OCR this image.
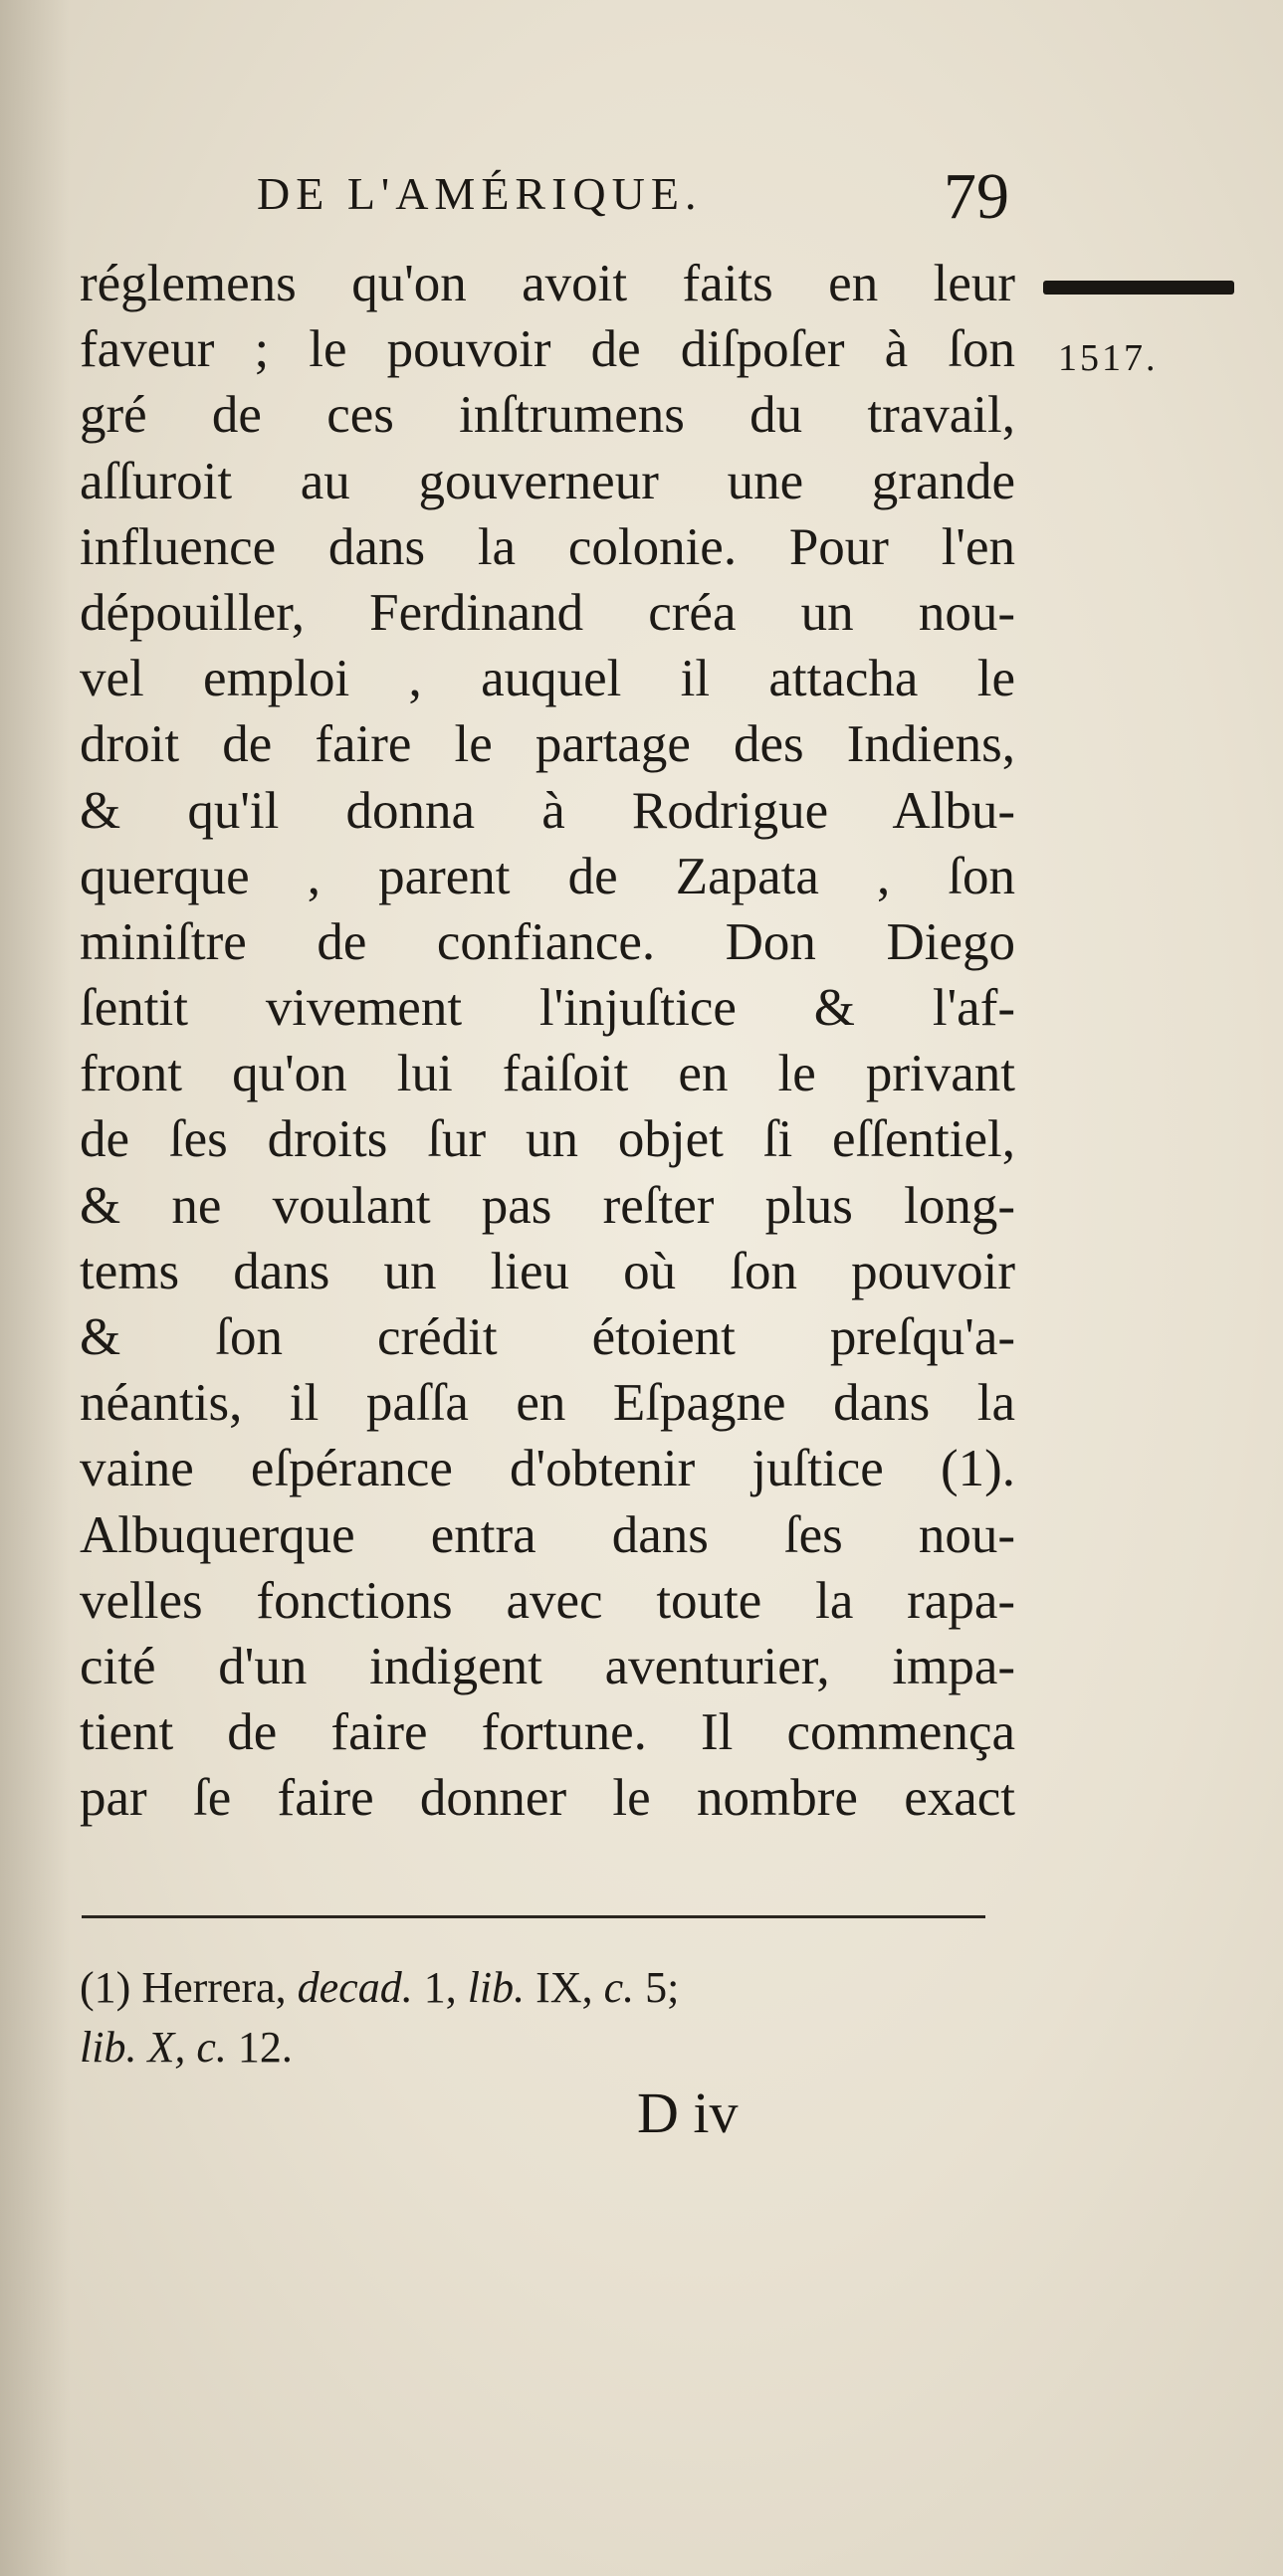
DE L'AMÉRIQUE.	79
1517.
réglemens qu'on avoit faits en leur
faveur ; le pouvoir de diſpoſer à ſon
gré de ces inſtrumens du travail,
aſſuroit au gouverneur une grande
influence dans la colonie. Pour l'en
dépouiller, Ferdinand créa un nou-
vel emploi , auquel il attacha le
droit de faire le partage des Indiens,
& qu'il donna à Rodrigue Albu-
querque , parent de Zapata , ſon
miniſtre de confiance. Don Diego
ſentit vivement l'injuſtice & l'af-
front qu'on lui faiſoit en le privant
de ſes droits ſur un objet ſi eſſentiel,
& ne voulant pas reſter plus long-
tems dans un lieu où ſon pouvoir
& ſon crédit étoient preſqu'a-
néantis, il paſſa en Eſpagne dans la
vaine eſpérance d'obtenir juſtice (1).
Albuquerque entra dans ſes nou-
velles fonctions avec toute la rapa-
cité d'un indigent aventurier, impa-
tient de faire fortune. Il commença
par ſe faire donner le nombre exact
(1) Herrera, decad. 1, lib. IX, c. 5;
lib. X, c. 12.
D iv
